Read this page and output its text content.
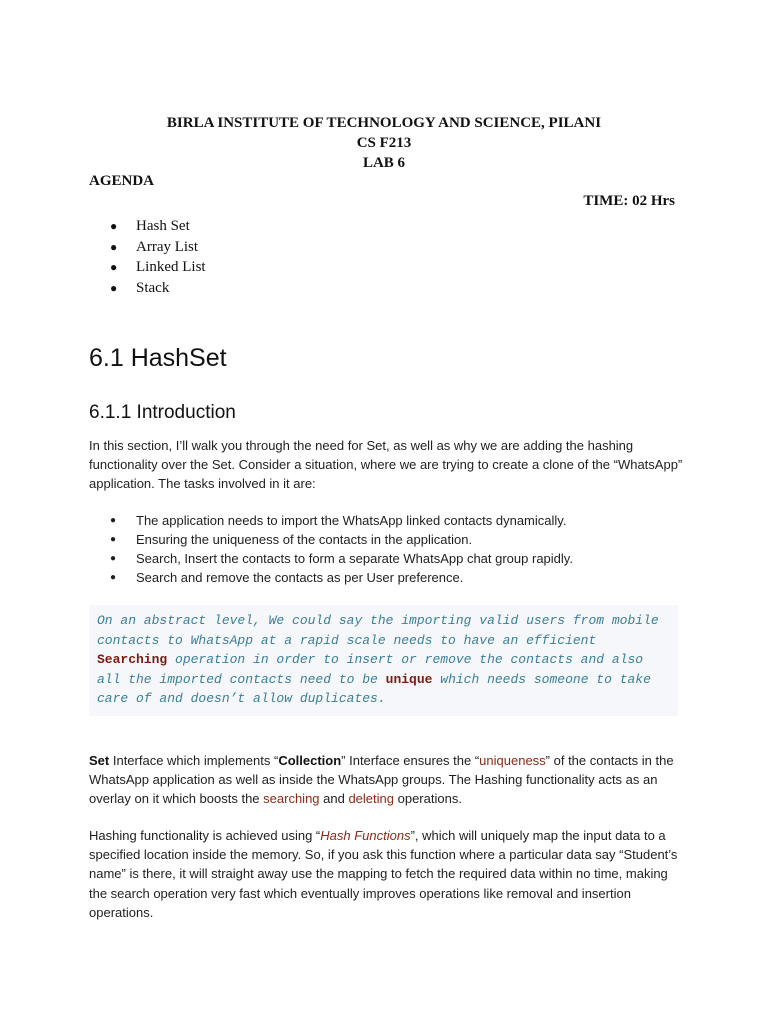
BIRLA INSTITUTE OF TECHNOLOGY AND SCIENCE, PILANI
CS F213
LAB 6
AGENDA
TIME: 02 Hrs
● Hash Set
● Array List
● Linked List
● Stack
6.1 HashSet
6.1.1 Introduction

In this section, I’ll walk you through the need for Set, as well as why we are adding the hashing functionality over the Set. Consider a situation, where we are trying to create a clone of the “WhatsApp” application. The tasks involved in it are:

● The application needs to import the WhatsApp linked contacts dynamically.
● Ensuring the uniqueness of the contacts in the application.
● Search, Insert the contacts to form a separate WhatsApp chat group rapidly.
● Search and remove the contacts as per User preference.
On an abstract level, We could say the importing valid users from mobile contacts to WhatsApp at a rapid scale needs to have an efficient Searching operation in order to insert or remove the contacts and also all the imported contacts need to be unique which needs someone to take care of and doesn’t allow duplicates.

Set Interface which implements “Collection” Interface ensures the “uniqueness” of the contacts in the WhatsApp application as well as inside the WhatsApp groups. The Hashing functionality acts as an overlay on it which boosts the searching and deleting operations.

Hashing functionality is achieved using “Hash Functions”, which will uniquely map the input data to a specified location inside the memory. So, if you ask this function where a particular data say “Student’s name” is there, it will straight away use the mapping to fetch the required data within no time, making the search operation very fast which eventually improves operations like removal and insertion operations.
